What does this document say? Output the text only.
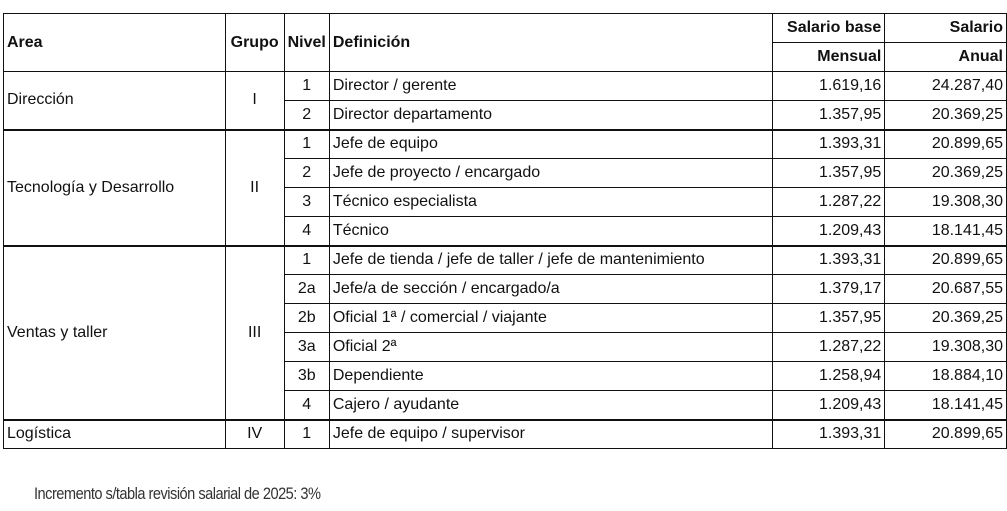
Area	Grupo	Nivel	Definición	Salario base	Salario
				Mensual	Anual
Dirección	I	1	Director / gerente	1.619,16	24.287,40
		2	Director departamento	1.357,95	20.369,25
Tecnología y Desarrollo	II	1	Jefe de equipo	1.393,31	20.899,65
		2	Jefe de proyecto / encargado	1.357,95	20.369,25
		3	Técnico especialista	1.287,22	19.308,30
		4	Técnico	1.209,43	18.141,45
Ventas y taller	III	1	Jefe de tienda / jefe de taller / jefe de mantenimiento	1.393,31	20.899,65
		2a	Jefe/a de sección / encargado/a	1.379,17	20.687,55
		2b	Oficial 1ª / comercial / viajante	1.357,95	20.369,25
		3a	Oficial 2ª	1.287,22	19.308,30
		3b	Dependiente	1.258,94	18.884,10
		4	Cajero / ayudante	1.209,43	18.141,45
Logística	IV	1	Jefe de equipo / supervisor	1.393,31	20.899,65
Incremento s/tabla revisión salarial de 2025: 3%
